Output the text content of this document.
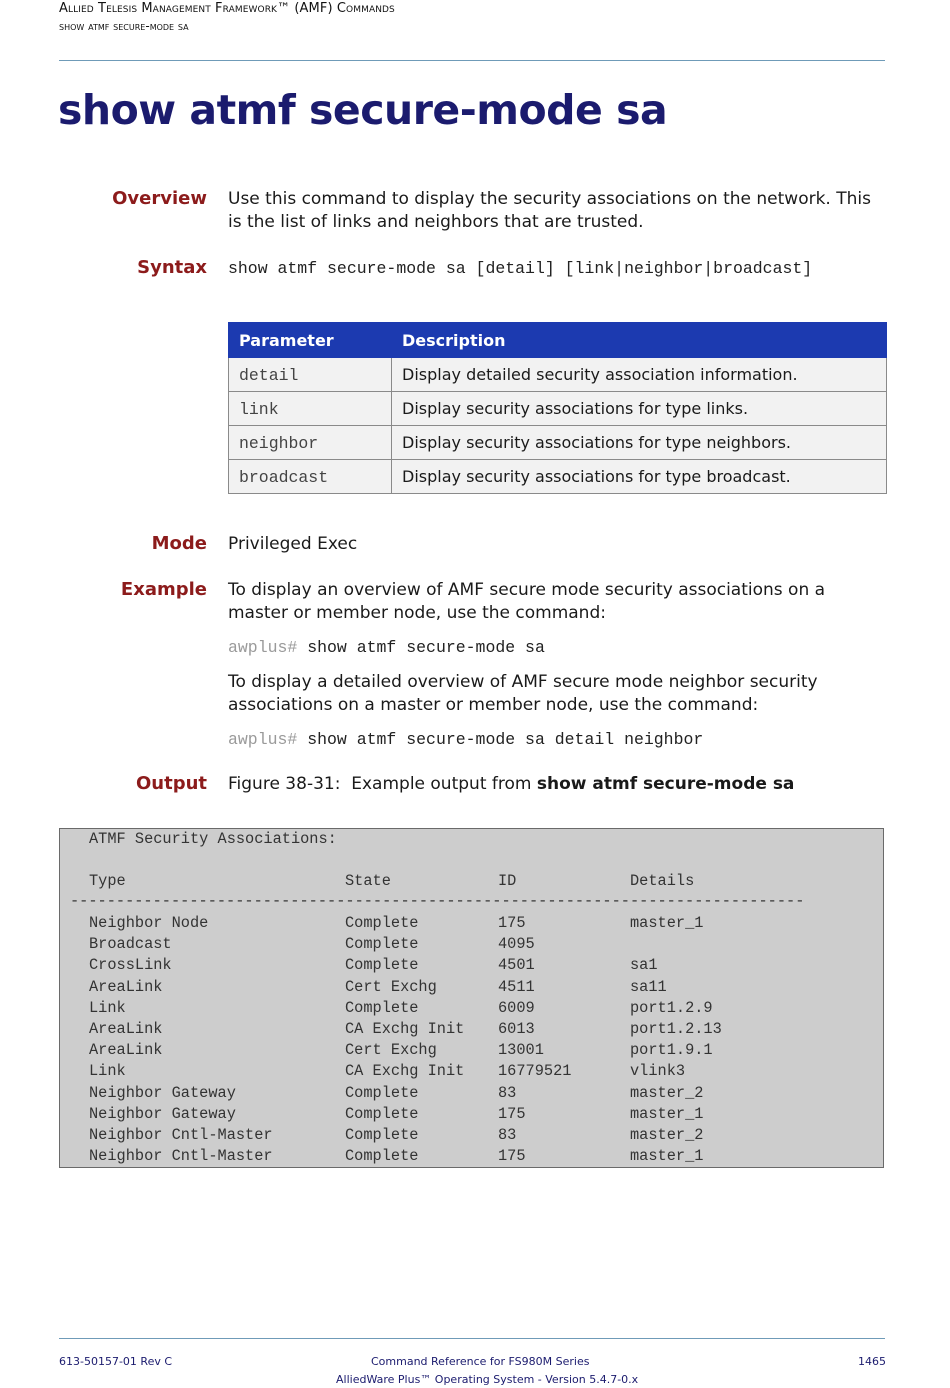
Allied Telesis Management Framework™ (AMF) Commands
show atmf secure-mode sa
show atmf secure-mode sa
Overview Use this command to display the security associations on the network. This is the list of links and neighbors that are trusted.
Syntax show atmf secure-mode sa [detail] [link|neighbor|broadcast]
Parameter	Description
detail	Display detailed security association information.
link	Display security associations for type links.
neighbor	Display security associations for type neighbors.
broadcast	Display security associations for type broadcast.
Mode Privileged Exec
Example To display an overview of AMF secure mode security associations on a master or member node, use the command:
awplus# show atmf secure-mode sa
To display a detailed overview of AMF secure mode neighbor security associations on a master or member node, use the command:
awplus# show atmf secure-mode sa detail neighbor
Output Figure 38-31: Example output from show atmf secure-mode sa
ATMF Security Associations:
Type	State	ID	Details
--------------------------------------------------------------------------------
Neighbor Node	Complete	175	master_1
Broadcast	Complete	4095
CrossLink	Complete	4501	sa1
AreaLink	Cert Exchg	4511	sa11
Link	Complete	6009	port1.2.9
AreaLink	CA Exchg Init 6013	port1.2.13
AreaLink	Cert Exchg	13001	port1.9.1
Link	CA Exchg Init 16779521	vlink3
Neighbor Gateway	Complete	83	master_2
Neighbor Gateway	Complete	175	master_1
Neighbor Cntl-Master	Complete	83	master_2
Neighbor Cntl-Master	Complete	175	master_1
613-50157-01 Rev C	Command Reference for FS980M Series
AlliedWare Plus™ Operating System - Version 5.4.7-0.x
1465
